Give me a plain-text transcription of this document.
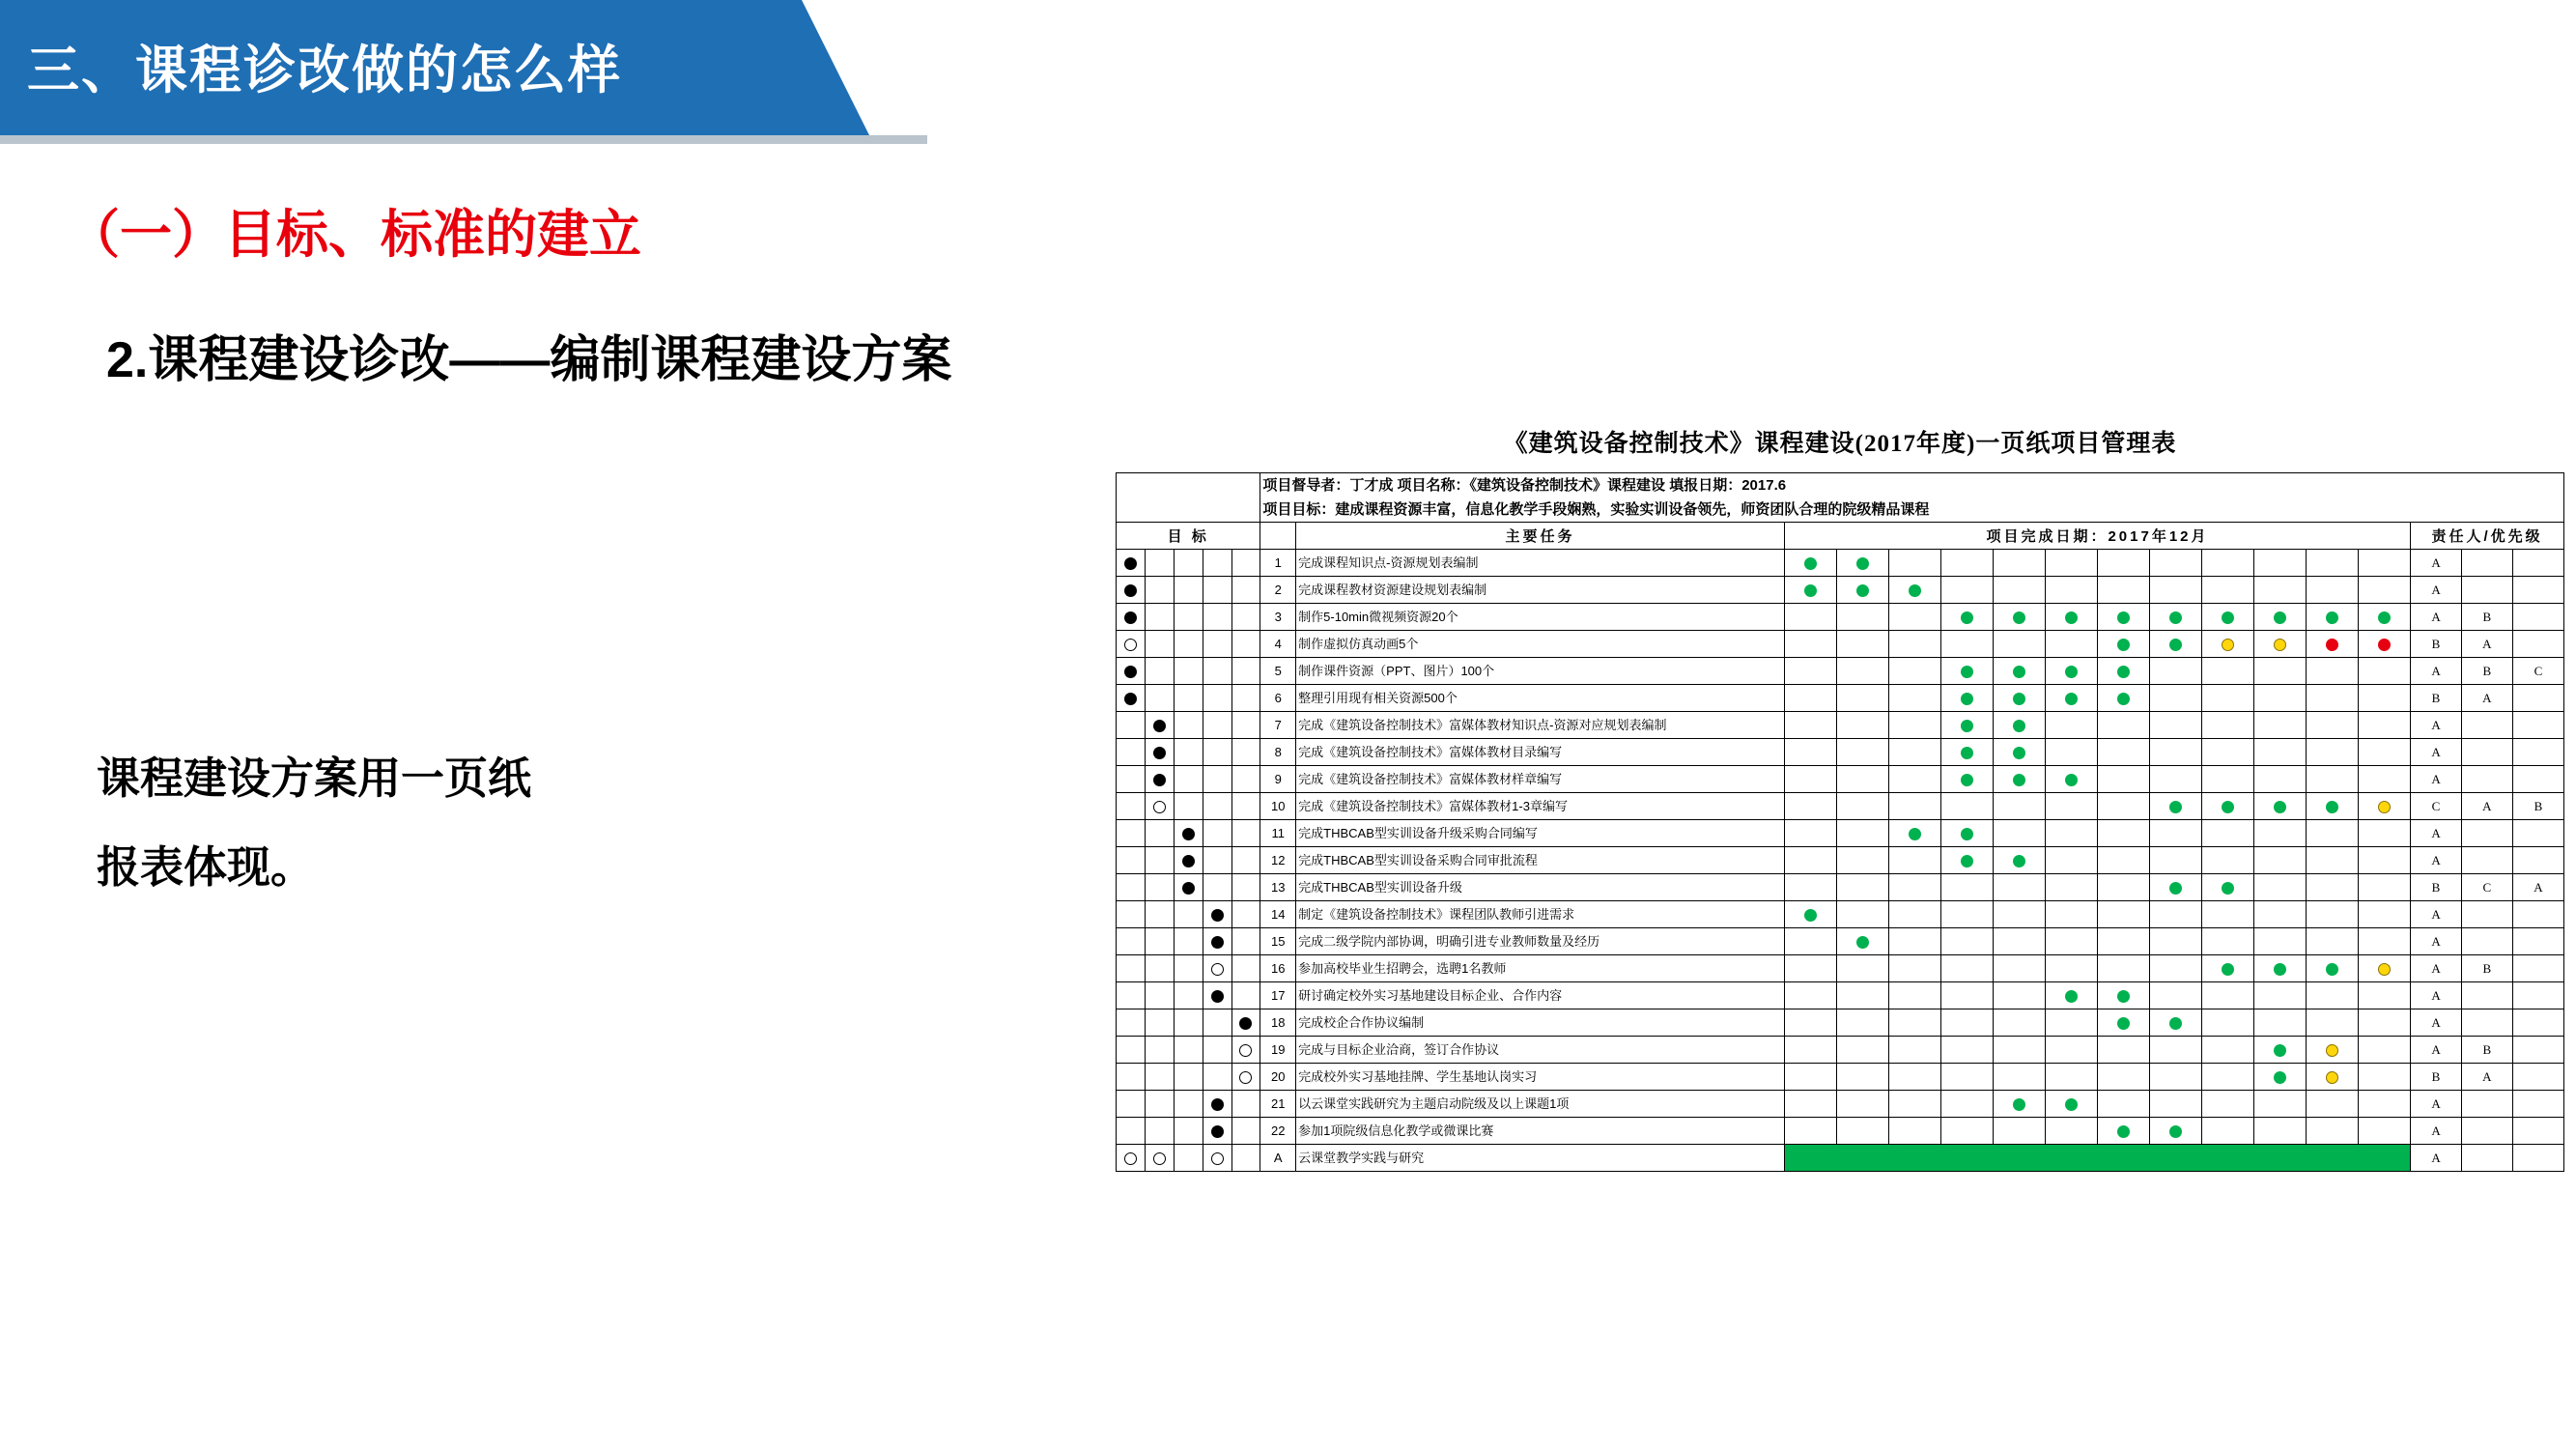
三、课程诊改做的怎么样
（一）目标、标准的建立
2.课程建设诊改——编制课程建设方案
课程建设方案用一页纸
报表体现。
《建筑设备控制技术》课程建设(2017年度)一页纸项目管理表
					项目督导者：丁才成 项目名称：《建筑设备控制技术》课程建设 填报日期：2017.6
项目目标：建成课程资源丰富，信息化教学手段娴熟，实验实训设备领先，师资团队合理的院级精品课程																
目 标						主要任务	项目完成日期：2017年12月												责任人/优先级		
					1	完成课程知识点-资源规划表编制													A		
					2	完成课程教材资源建设规划表编制													A		
					3	制作5-10min微视频资源20个													A	B	
					4	制作虚拟仿真动画5个													B	A	
					5	制作课件资源（PPT、图片）100个													A	B	C
					6	整理引用现有相关资源500个													B	A	
					7	完成《建筑设备控制技术》富媒体教材知识点-资源对应规划表编制													A		
					8	完成《建筑设备控制技术》富媒体教材目录编写													A		
					9	完成《建筑设备控制技术》富媒体教材样章编写													A		
					10	完成《建筑设备控制技术》富媒体教材1-3章编写													C	A	B
					11	完成THBCAB型实训设备升级采购合同编写													A		
					12	完成THBCAB型实训设备采购合同审批流程													A		
					13	完成THBCAB型实训设备升级													B	C	A
					14	制定《建筑设备控制技术》课程团队教师引进需求													A		
					15	完成二级学院内部协调，明确引进专业教师数量及经历													A		
					16	参加高校毕业生招聘会，选聘1名教师													A	B	
					17	研讨确定校外实习基地建设目标企业、合作内容													A		
					18	完成校企合作协议编制													A		
					19	完成与目标企业洽商，签订合作协议													A	B	
					20	完成校外实习基地挂牌、学生基地认岗实习													B	A	
					21	以云课堂实践研究为主题启动院级及以上课题1项													A		
					22	参加1项院级信息化教学或微课比赛													A		
					A	云课堂教学实践与研究													A		
